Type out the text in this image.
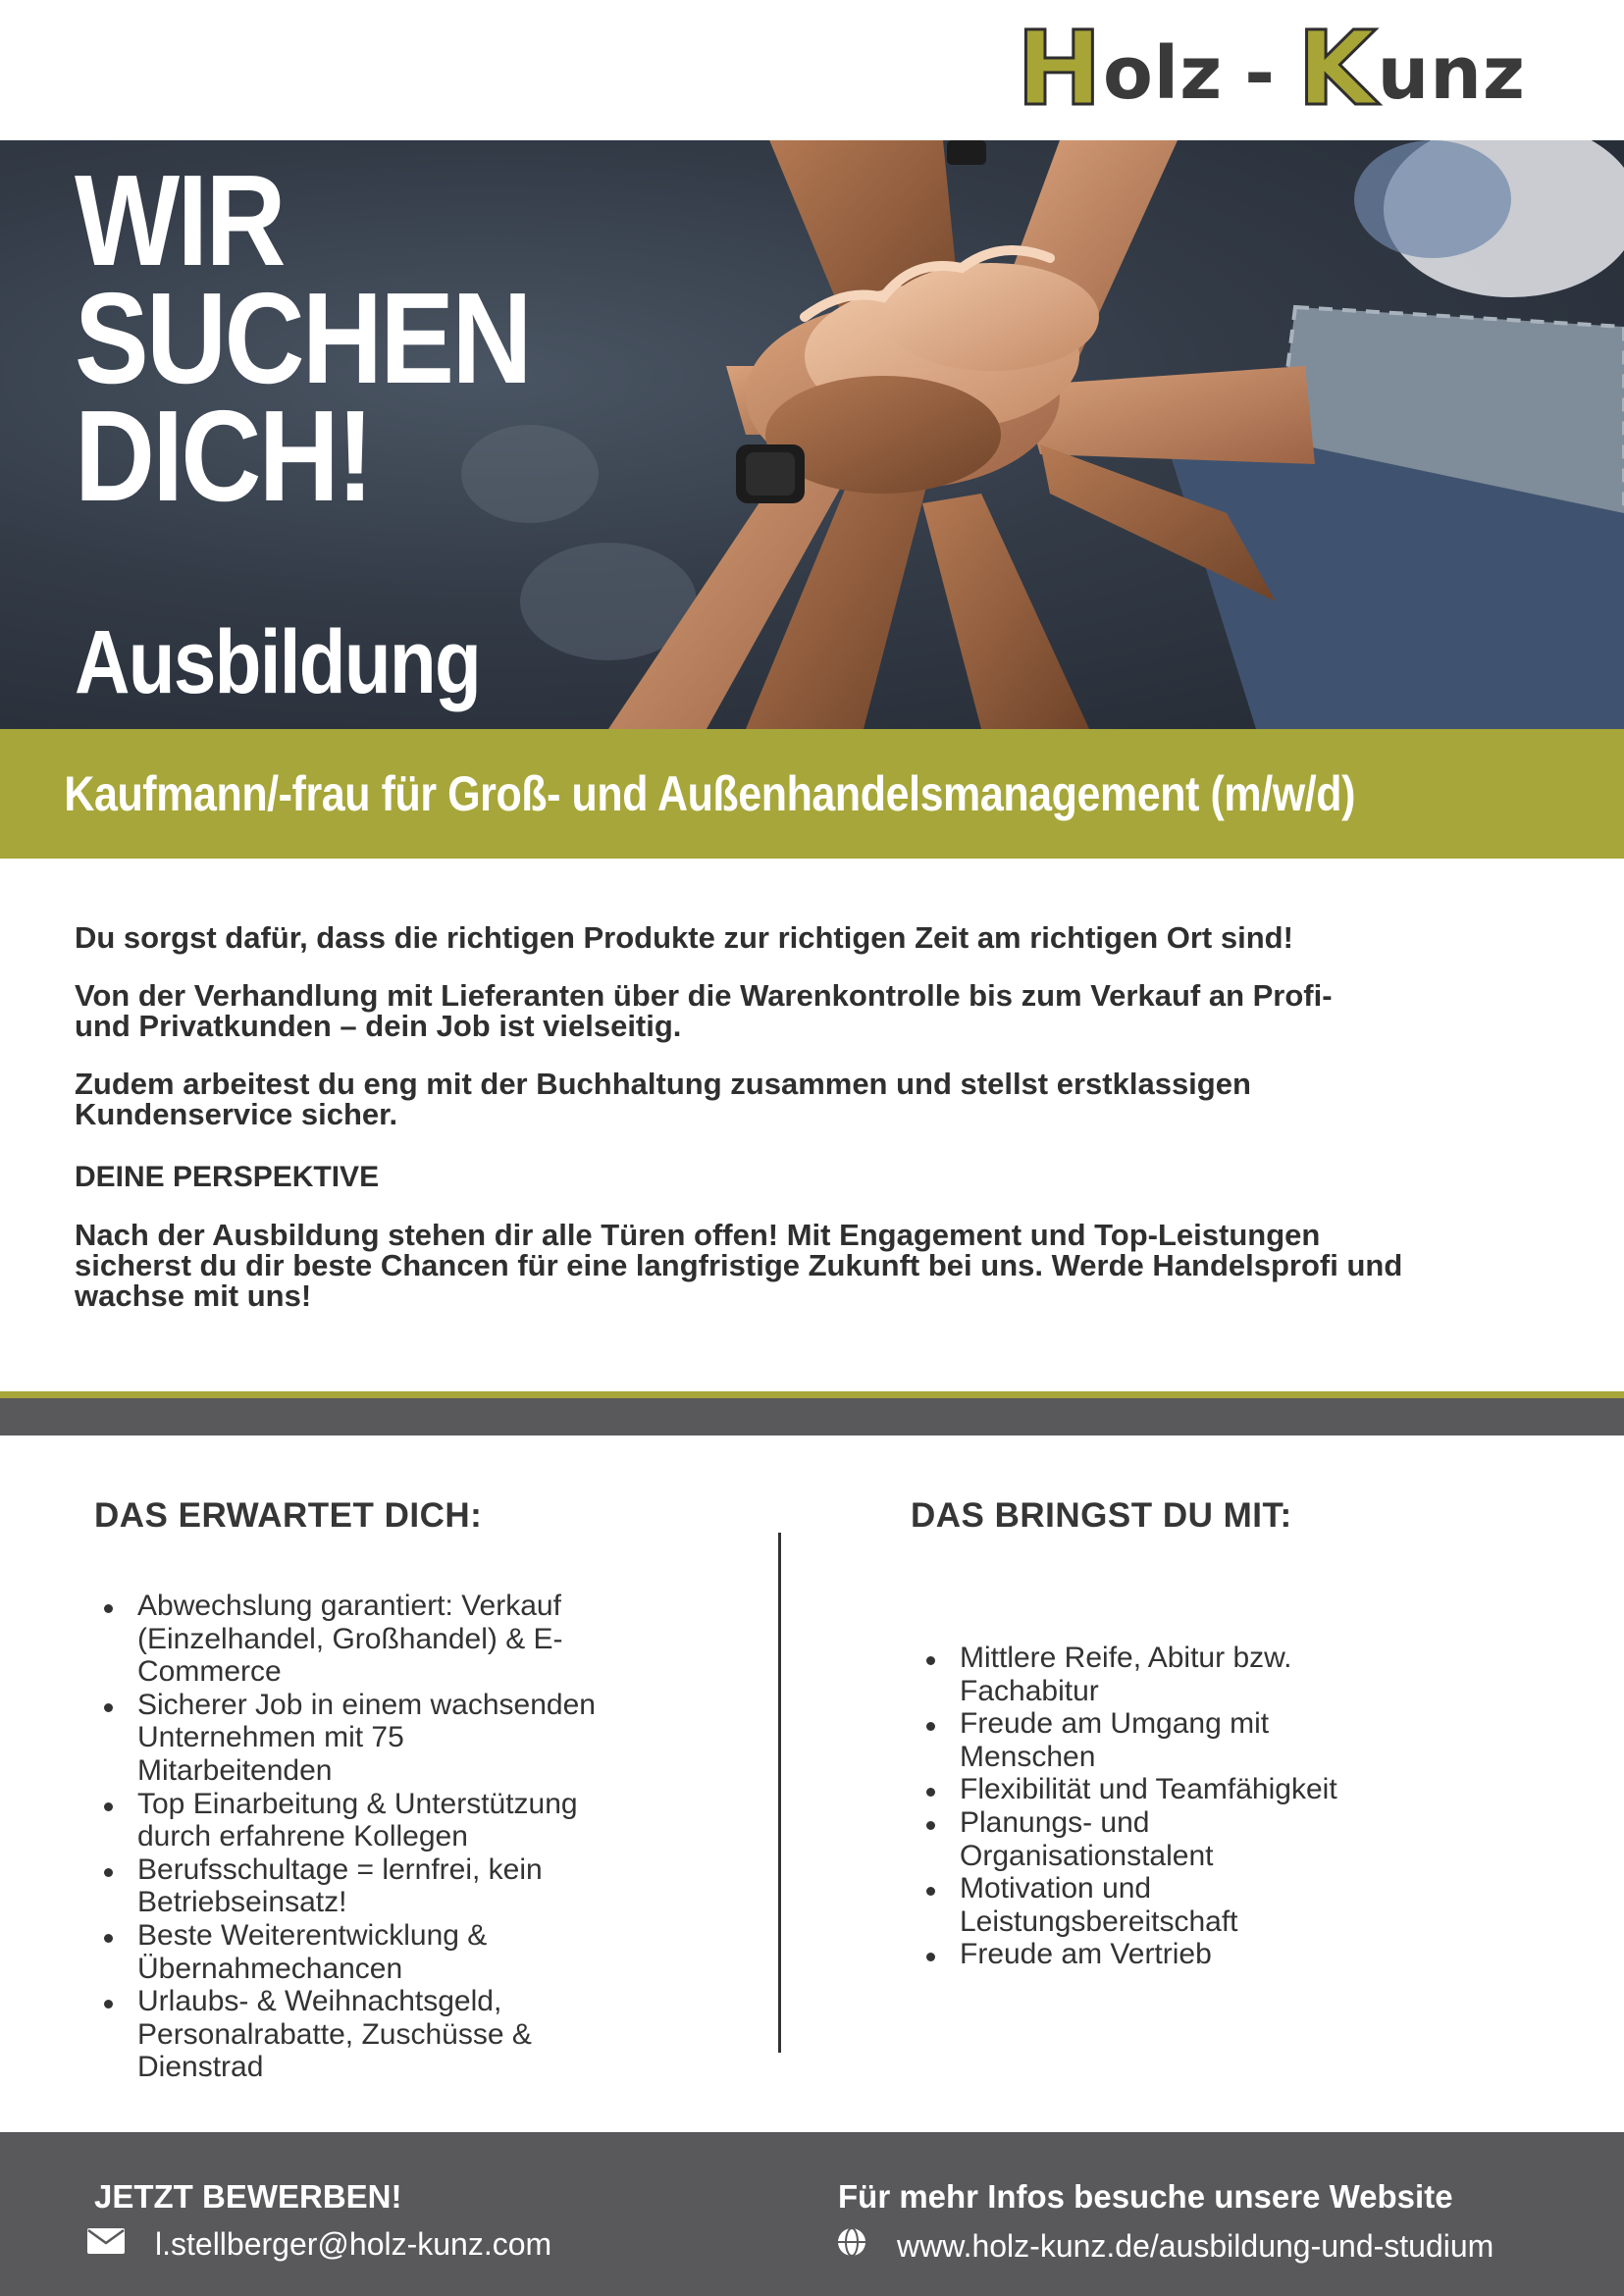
H olz - K unz
WIR
SUCHEN
DICH!
Ausbildung
Kaufmann/-frau für Groß- und Außenhandelsmanagement (m/w/d)

Du sorgst dafür, dass die richtigen Produkte zur richtigen Zeit am richtigen Ort sind!

Von der Verhandlung mit Lieferanten über die Warenkontrolle bis zum Verkauf an Profi-
und Privatkunden – dein Job ist vielseitig.

Zudem arbeitest du eng mit der Buchhaltung zusammen und stellst erstklassigen
Kundenservice sicher.

DEINE PERSPEKTIVE

Nach der Ausbildung stehen dir alle Türen offen! Mit Engagement und Top-Leistungen
sicherst du dir beste Chancen für eine langfristige Zukunft bei uns. Werde Handelsprofi und
wachse mit uns!

DAS ERWARTET DICH:	DAS BRINGST DU MIT:
Abwechslung garantiert: Verkauf
(Einzelhandel, Großhandel) & E-
Commerce
Sicherer Job in einem wachsenden
Unternehmen mit 75
Mitarbeitenden
Top Einarbeitung & Unterstützung
durch erfahrene Kollegen
Berufsschultage = lernfrei, kein
Betriebseinsatz!
Beste Weiterentwicklung &
Übernahmechancen
Urlaubs- & Weihnachtsgeld,
Personalrabatte, Zuschüsse &
Dienstrad
Mittlere Reife, Abitur bzw.
Fachabitur
Freude am Umgang mit
Menschen
Flexibilität und Teamfähigkeit
Planungs- und
Organisationstalent
Motivation und
Leistungsbereitschaft
Freude am Vertrieb
JETZT BEWERBEN!	Für mehr Infos besuche unsere Website
l.stellberger@holz-kunz.com	www.holz-kunz.de/ausbildung-und-studium
